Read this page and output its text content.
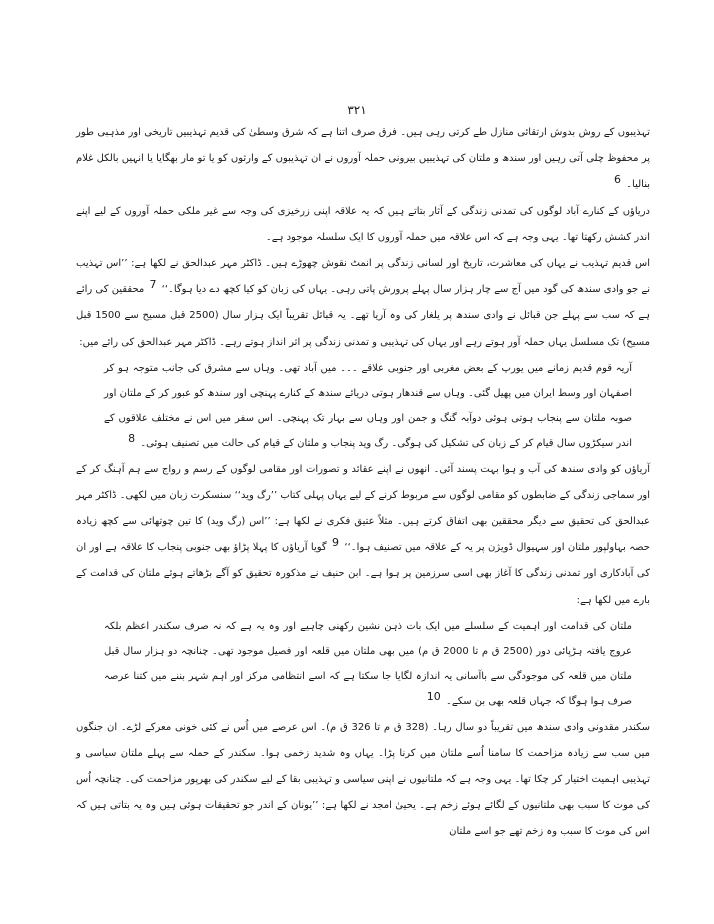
۳۲۱

تہذیبوں کے روش بدوش ارتقائی منازل طے کرتی رہی ہیں۔ فرق صرف اتنا ہے کہ شرق وسطیٰ کی قدیم تہذیبیں تاریخی اور مذہبی طور پر محفوظ چلی آتی رہیں اور سندھ و ملتان کی تہذیبیں بیرونی حملہ آوروں نے ان تہذیبوں کے وارثوں کو یا تو مار بھگایا یا انہیں بالکل غلام بنالیا۔ $^6$

دریاؤں کے کنارے آباد لوگوں کی تمدنی زندگی کے آثار بتاتے ہیں کہ یہ علاقہ اپنی زرخیزی کی وجہ سے غیر ملکی حملہ آوروں کے لیے اپنے اندر کشش رکھتا تھا۔ یہی وجہ ہے کہ اس علاقہ میں حملہ آوروں کا ایک سلسلہ موجود ہے۔

اس قدیم تہذیب نے یہاں کی معاشرت، تاریخ اور لسانی زندگی پر انمٹ نقوش چھوڑے ہیں۔ ڈاکٹر مہر عبدالحق نے لکھا ہے: ’’اس تہذیب نے جو وادی سندھ کی گود میں آج سے چار ہزار سال پہلے پرورش پاتی رہی۔ یہاں کی زبان کو کیا کچھ دے دیا ہوگا۔‘‘ $^7$ محققین کی رائے ہے کہ سب سے پہلے جن قبائل نے وادی سندھ پر یلغار کی وہ آریا تھے۔ یہ قبائل تقریباً ایک ہزار سال (2500 قبل مسیح سے 1500 قبل مسیح) تک مسلسل یہاں حملہ آور ہوتے رہے اور یہاں کی تہذیبی و تمدنی زندگی پر اثر انداز ہوتے رہے۔ ڈاکٹر مہر عبدالحق کی رائے میں:

آریہ قوم قدیم زمانے میں یورپ کے بعض مغربی اور جنوبی علاقے ۔۔۔ میں آباد تھی۔ وہاں سے مشرق کی جانب متوجہ ہو کر اصفہان اور وسط ایران میں پھیل گئی۔ وہاں سے قندھار ہوتی دریائے سندھ کے کنارے پہنچی اور سندھ کو عبور کر کے ملتان اور صوبہ ملتان سے پنجاب ہوتی ہوئی دوآبہ گنگ و جمن اور وہاں سے بہار تک پہنچی۔ اس سفر میں اس نے مختلف علاقوں کے اندر سیکڑوں سال قیام کر کے زبان کی تشکیل کی ہوگی۔ رگ وید پنجاب و ملتان کے قیام کی حالت میں تصنیف ہوئی۔ $^8$

آریاؤں کو وادی سندھ کی آب و ہوا بہت پسند آئی۔ انھوں نے اپنے عقائد و تصورات اور مقامی لوگوں کے رسم و رواج سے ہم آہنگ کر کے اور سماجی زندگی کے ضابطوں کو مقامی لوگوں سے مربوط کرنے کے لیے یہاں پہلی کتاب ’’رگ وید‘‘ سنسکرت زبان میں لکھی۔ ڈاکٹر مہر عبدالحق کی تحقیق سے دیگر محققین بھی اتفاق کرتے ہیں۔ مثلاً عتیق فکری نے لکھا ہے: ’’اس (رگ وید) کا تین چوتھائی سے کچھ زیادہ حصہ بہاولپور ملتان اور سہیوال ڈویژن پر یہ کے علاقہ میں تصنیف ہوا۔‘‘ $^9$ گویا آریاؤں کا پہلا پڑاؤ بھی جنوبی پنجاب کا علاقہ ہے اور ان کی آبادکاری اور تمدنی زندگی کا آغاز بھی اسی سرزمین پر ہوا ہے۔ ابن حنیف نے مذکورہ تحقیق کو آگے بڑھاتے ہوئے ملتان کی قدامت کے بارے میں لکھا ہے:

ملتان کی قدامت اور اہمیت کے سلسلے میں ایک بات ذہن نشین رکھنی چاہیے اور وہ یہ ہے کہ نہ صرف سکندر اعظم بلکہ عروج یافتہ ہڑپائی دور (2500 ق م تا 2000 ق م) میں بھی ملتان میں قلعہ اور فصیل موجود تھی۔ چنانچہ دو ہزار سال قبل ملتان میں قلعہ کی موجودگی سے باآسانی یہ اندازہ لگایا جا سکتا ہے کہ اسے انتظامی مرکز اور اہم شہر بننے میں کتنا عرصہ صرف ہوا ہوگا کہ جہاں قلعہ بھی بن سکے۔ $^{10}$

سکندر مقدونی وادی سندھ میں تقریباً دو سال رہا۔ (328 ق م تا 326 ق م)۔ اس عرصے میں اُس نے کئی خونی معرکے لڑے۔ ان جنگوں میں سب سے زیادہ مزاحمت کا سامنا اُسے ملتان میں کرنا پڑا۔ یہاں وہ شدید زخمی ہوا۔ سکندر کے حملہ سے پہلے ملتان سیاسی و تہذیبی اہمیت اختیار کر چکا تھا۔ یہی وجہ ہے کہ ملتانیوں نے اپنی سیاسی و تہذیبی بقا کے لیے سکندر کی بھرپور مزاحمت کی۔ چنانچہ اُس کی موت کا سبب بھی ملتانیوں کے لگائے ہوئے زخم ہے۔ یحییٰ امجد نے لکھا ہے: ’’یونان کے اندر جو تحقیقات ہوئی ہیں وہ یہ بتاتی ہیں کہ اس کی موت کا سبب وہ زخم تھے جو اسے ملتان
